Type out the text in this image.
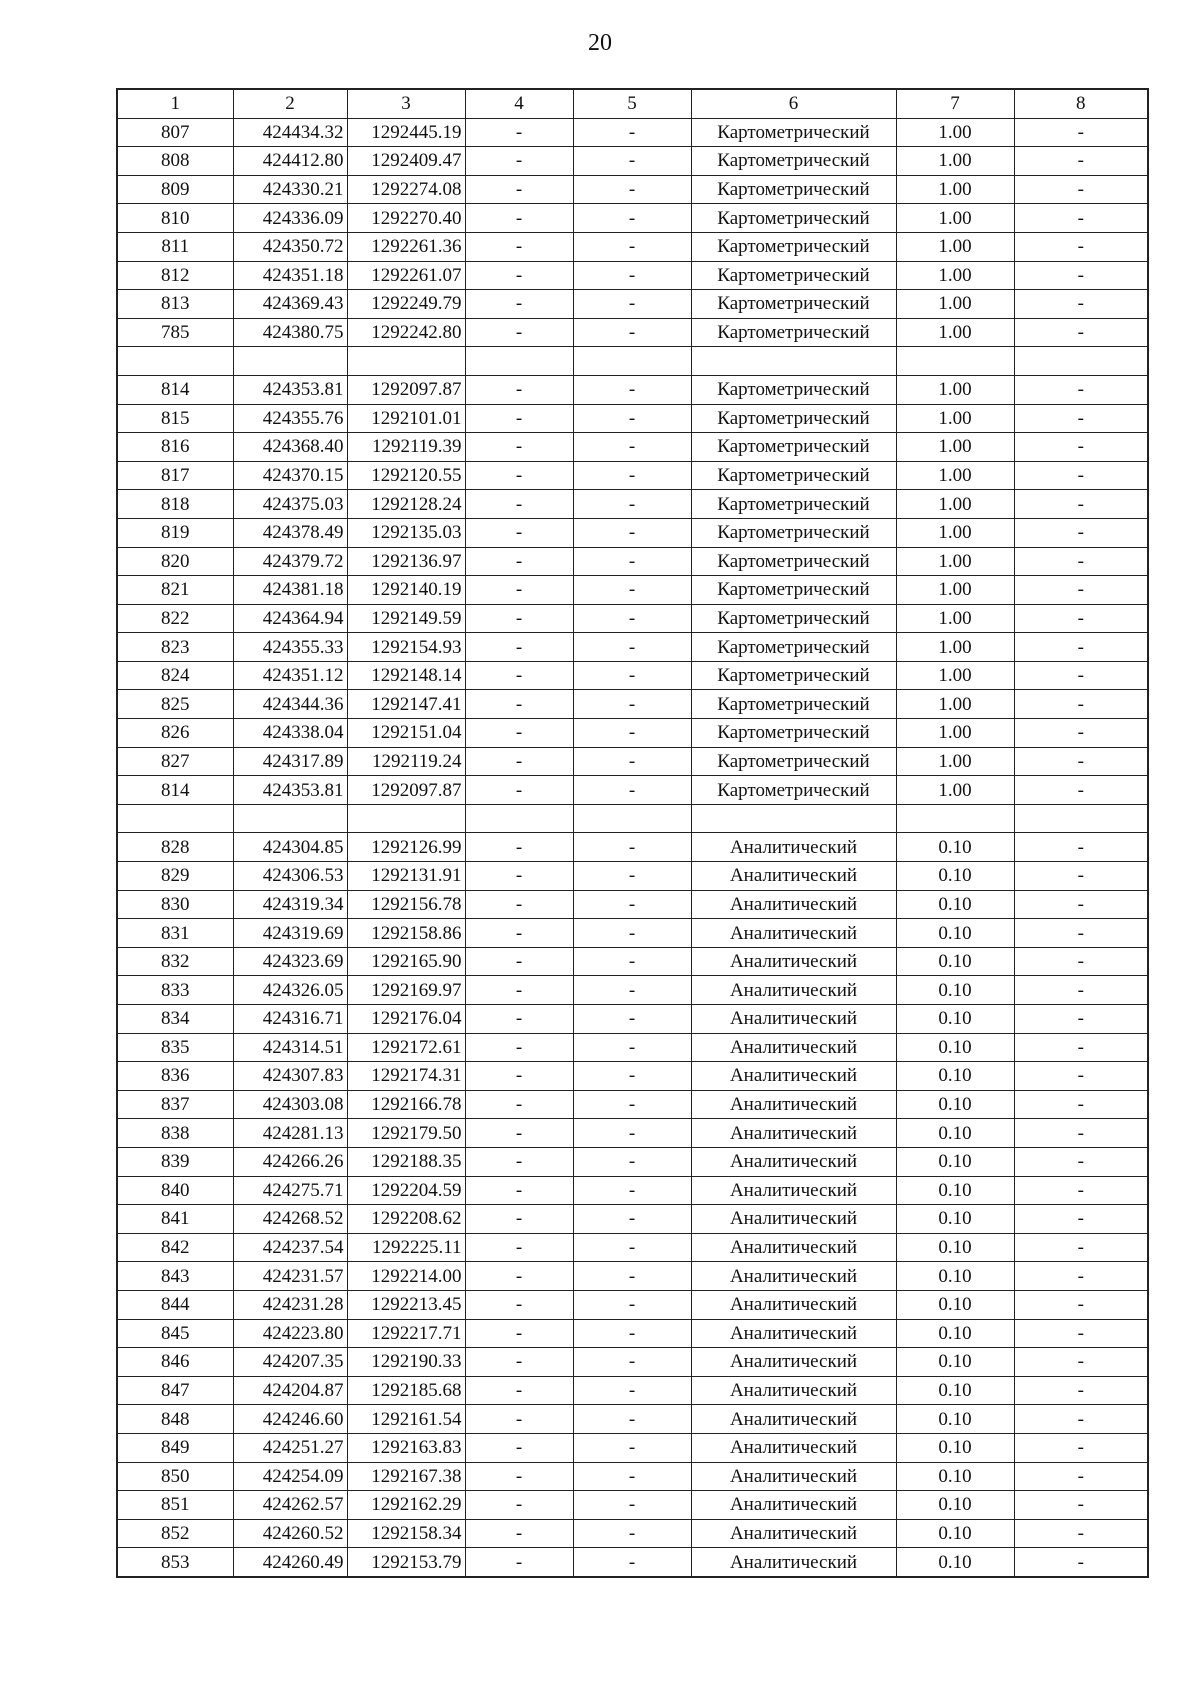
20
1	2	3	4	5	6	7	8
807	424434.32	1292445.19	-	-	Картометрический	1.00	-
808	424412.80	1292409.47	-	-	Картометрический	1.00	-
809	424330.21	1292274.08	-	-	Картометрический	1.00	-
810	424336.09	1292270.40	-	-	Картометрический	1.00	-
811	424350.72	1292261.36	-	-	Картометрический	1.00	-
812	424351.18	1292261.07	-	-	Картометрический	1.00	-
813	424369.43	1292249.79	-	-	Картометрический	1.00	-
785	424380.75	1292242.80	-	-	Картометрический	1.00	-

814	424353.81	1292097.87	-	-	Картометрический	1.00	-
815	424355.76	1292101.01	-	-	Картометрический	1.00	-
816	424368.40	1292119.39	-	-	Картометрический	1.00	-
817	424370.15	1292120.55	-	-	Картометрический	1.00	-
818	424375.03	1292128.24	-	-	Картометрический	1.00	-
819	424378.49	1292135.03	-	-	Картометрический	1.00	-
820	424379.72	1292136.97	-	-	Картометрический	1.00	-
821	424381.18	1292140.19	-	-	Картометрический	1.00	-
822	424364.94	1292149.59	-	-	Картометрический	1.00	-
823	424355.33	1292154.93	-	-	Картометрический	1.00	-
824	424351.12	1292148.14	-	-	Картометрический	1.00	-
825	424344.36	1292147.41	-	-	Картометрический	1.00	-
826	424338.04	1292151.04	-	-	Картометрический	1.00	-
827	424317.89	1292119.24	-	-	Картометрический	1.00	-
814	424353.81	1292097.87	-	-	Картометрический	1.00	-

828	424304.85	1292126.99	-	-	Аналитический	0.10	-
829	424306.53	1292131.91	-	-	Аналитический	0.10	-
830	424319.34	1292156.78	-	-	Аналитический	0.10	-
831	424319.69	1292158.86	-	-	Аналитический	0.10	-
832	424323.69	1292165.90	-	-	Аналитический	0.10	-
833	424326.05	1292169.97	-	-	Аналитический	0.10	-
834	424316.71	1292176.04	-	-	Аналитический	0.10	-
835	424314.51	1292172.61	-	-	Аналитический	0.10	-
836	424307.83	1292174.31	-	-	Аналитический	0.10	-
837	424303.08	1292166.78	-	-	Аналитический	0.10	-
838	424281.13	1292179.50	-	-	Аналитический	0.10	-
839	424266.26	1292188.35	-	-	Аналитический	0.10	-
840	424275.71	1292204.59	-	-	Аналитический	0.10	-
841	424268.52	1292208.62	-	-	Аналитический	0.10	-
842	424237.54	1292225.11	-	-	Аналитический	0.10	-
843	424231.57	1292214.00	-	-	Аналитический	0.10	-
844	424231.28	1292213.45	-	-	Аналитический	0.10	-
845	424223.80	1292217.71	-	-	Аналитический	0.10	-
846	424207.35	1292190.33	-	-	Аналитический	0.10	-
847	424204.87	1292185.68	-	-	Аналитический	0.10	-
848	424246.60	1292161.54	-	-	Аналитический	0.10	-
849	424251.27	1292163.83	-	-	Аналитический	0.10	-
850	424254.09	1292167.38	-	-	Аналитический	0.10	-
851	424262.57	1292162.29	-	-	Аналитический	0.10	-
852	424260.52	1292158.34	-	-	Аналитический	0.10	-
853	424260.49	1292153.79	-	-	Аналитический	0.10	-
